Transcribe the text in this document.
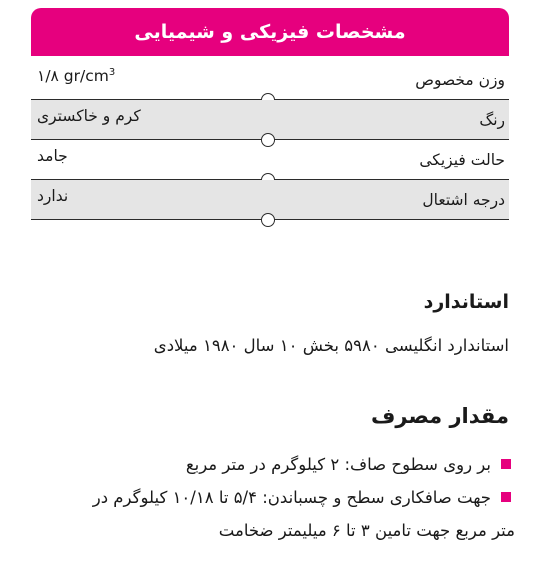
مشخصات فیزیکی و شیمیایی
وزن مخصوص
۱/۸ $gr/cm^3$
رنگ
کرم و خاکستری
حالت فیزیکی
جامد
درجه اشتعال
ندارد
استاندارد
استاندارد انگلیسی ۵۹۸۰ بخش ۱۰ سال ۱۹۸۰ میلادی
مقدار مصرف
بر روی سطوح صاف: ۲ کیلوگرم در متر مربع
جهت صافکاری سطح و چسباندن: ۵/۴ تا ۱۰/۱۸ کیلوگرم در
متر مربع جهت تامین ۳ تا ۶ میلیمتر ضخامت
